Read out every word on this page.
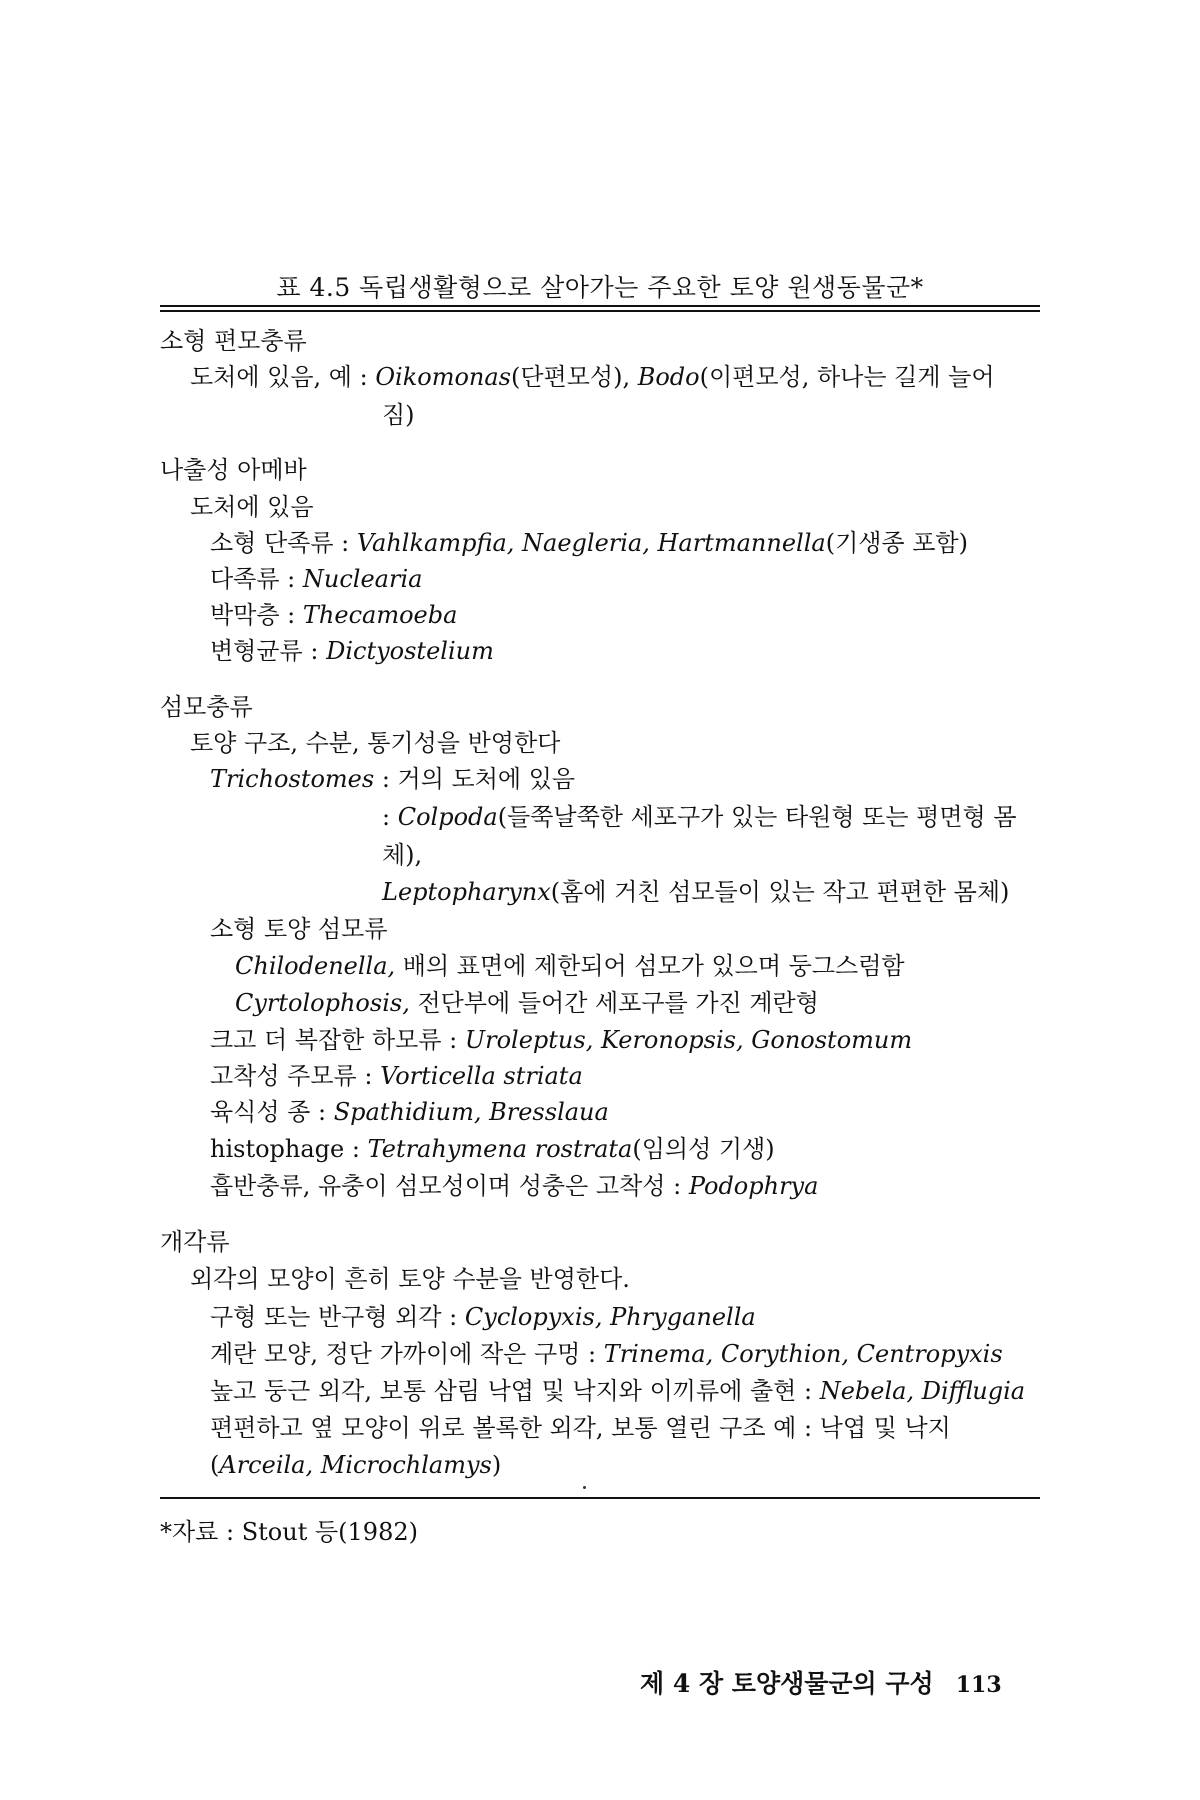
표 4.5 독립생활형으로 살아가는 주요한 토양 원생동물군*
소형 편모충류
도처에 있음, 예 : Oikomonas(단편모성), Bodo(이편모성, 하나는 길게 늘어
짐)
나출성 아메바
도처에 있음
소형 단족류 : Vahlkampfia, Naegleria, Hartmannella(기생종 포함)
다족류 : Nuclearia
박막층 : Thecamoeba
변형균류 : Dictyostelium
섬모충류
토양 구조, 수분, 통기성을 반영한다
Trichostomes : 거의 도처에 있음
: Colpoda(들쭉날쭉한 세포구가 있는 타원형 또는 평면형 몸
체),
Leptopharynx(홈에 거친 섬모들이 있는 작고 편편한 몸체)
소형 토양 섬모류
Chilodenella, 배의 표면에 제한되어 섬모가 있으며 둥그스럼함
Cyrtolophosis, 전단부에 들어간 세포구를 가진 계란형
크고 더 복잡한 하모류 : Uroleptus, Keronopsis, Gonostomum
고착성 주모류 : Vorticella striata
육식성 종 : Spathidium, Bresslaua
histophage : Tetrahymena rostrata(임의성 기생)
흡반충류, 유충이 섬모성이며 성충은 고착성 : Podophrya
개각류
외각의 모양이 흔히 토양 수분을 반영한다.
구형 또는 반구형 외각 : Cyclopyxis, Phryganella
계란 모양, 정단 가까이에 작은 구멍 : Trinema, Corythion, Centropyxis
높고 둥근 외각, 보통 삼림 낙엽 및 낙지와 이끼류에 출현 : Nebela, Difflugia
편편하고 옆 모양이 위로 볼록한 외각, 보통 열린 구조 예 : 낙엽 및 낙지
(Arceila, Microchlamys)
*자료 : Stout 등(1982)
제 4 장 토양생물군의 구성 113
